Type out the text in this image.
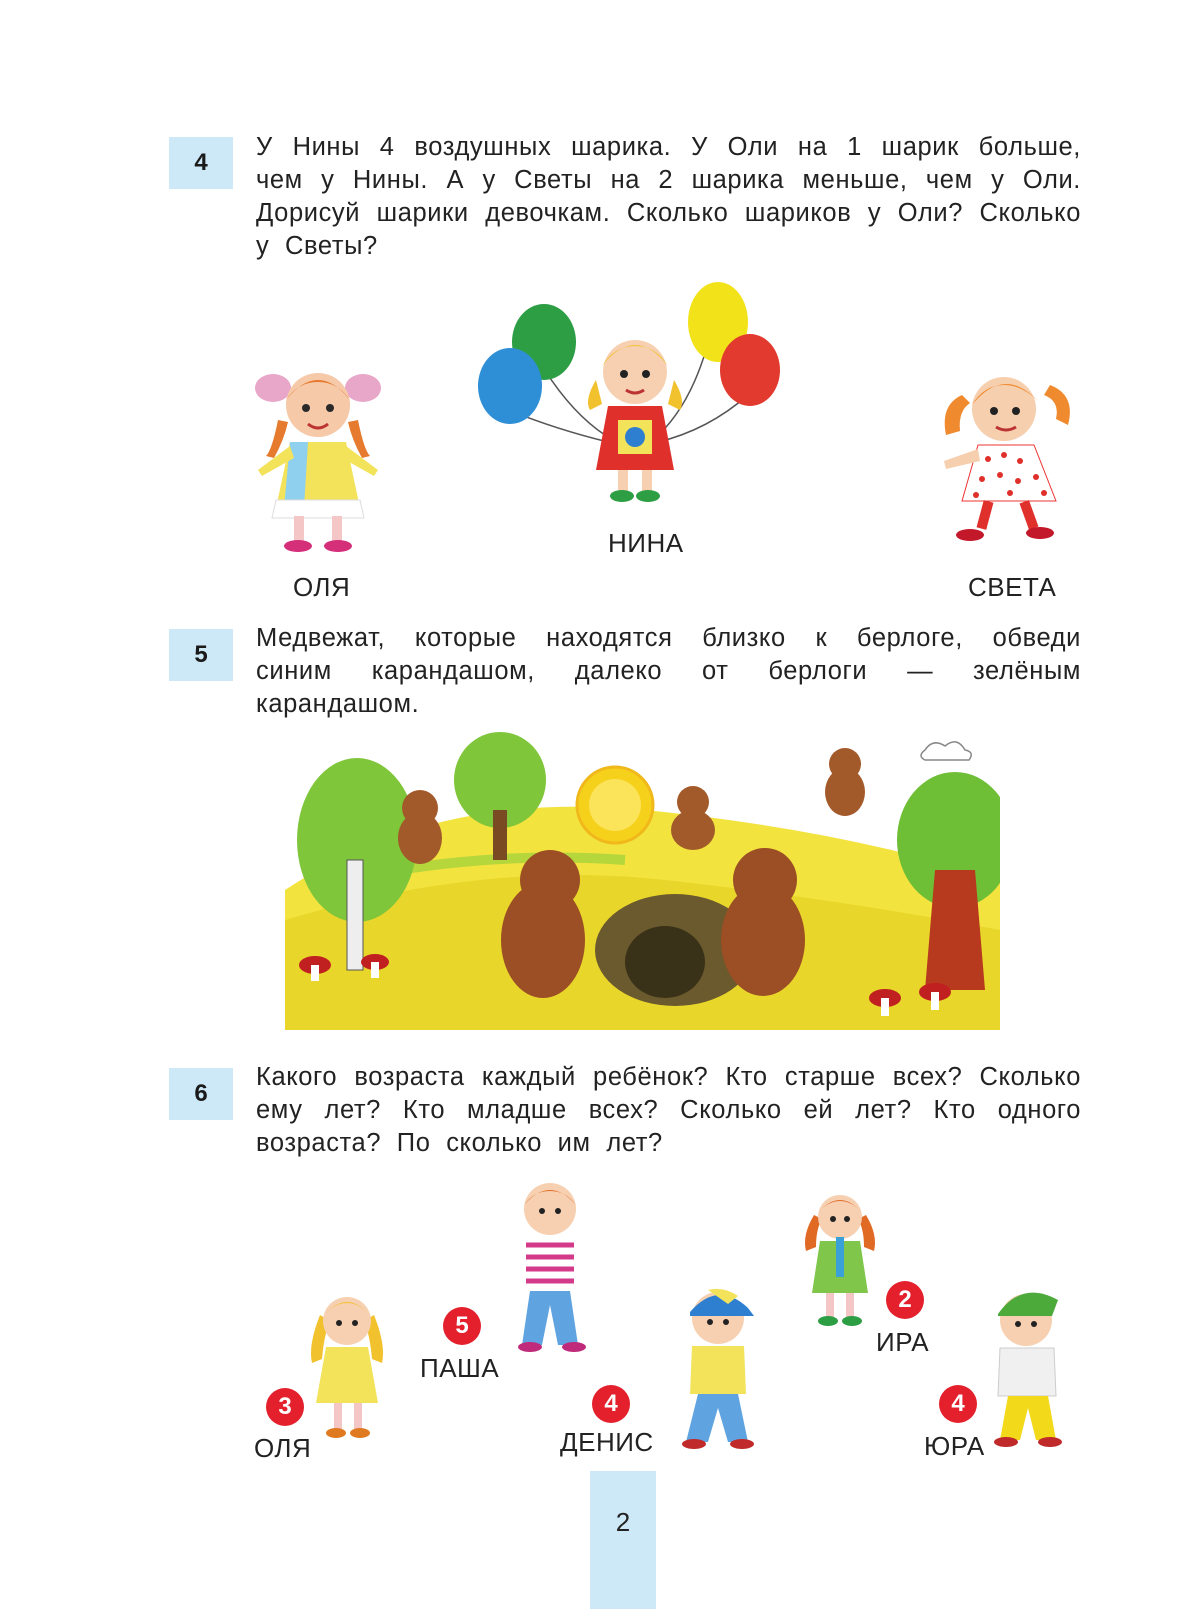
4
У Нины 4 воздушных шарика. У Оли на 1 шарик больше, чем у Нины. А у Светы на 2 шарика меньше, чем у Оли. Дорисуй шарики девочкам. Сколько шариков у Оли? Сколько у Светы?
ОЛЯ
НИНА
СВЕТА
5
Медвежат, которые находятся близко к берлоге, обведи синим карандашом, далеко от берлоги — зелёным карандашом.
6
Какого возраста каждый ребёнок? Кто старше всех? Сколько ему лет? Кто младше всех? Сколько ей лет? Кто одного возраста? По сколько им лет?
3
ОЛЯ
5
ПАША
4
ДЕНИС
2
ИРА
4
ЮРА
2
